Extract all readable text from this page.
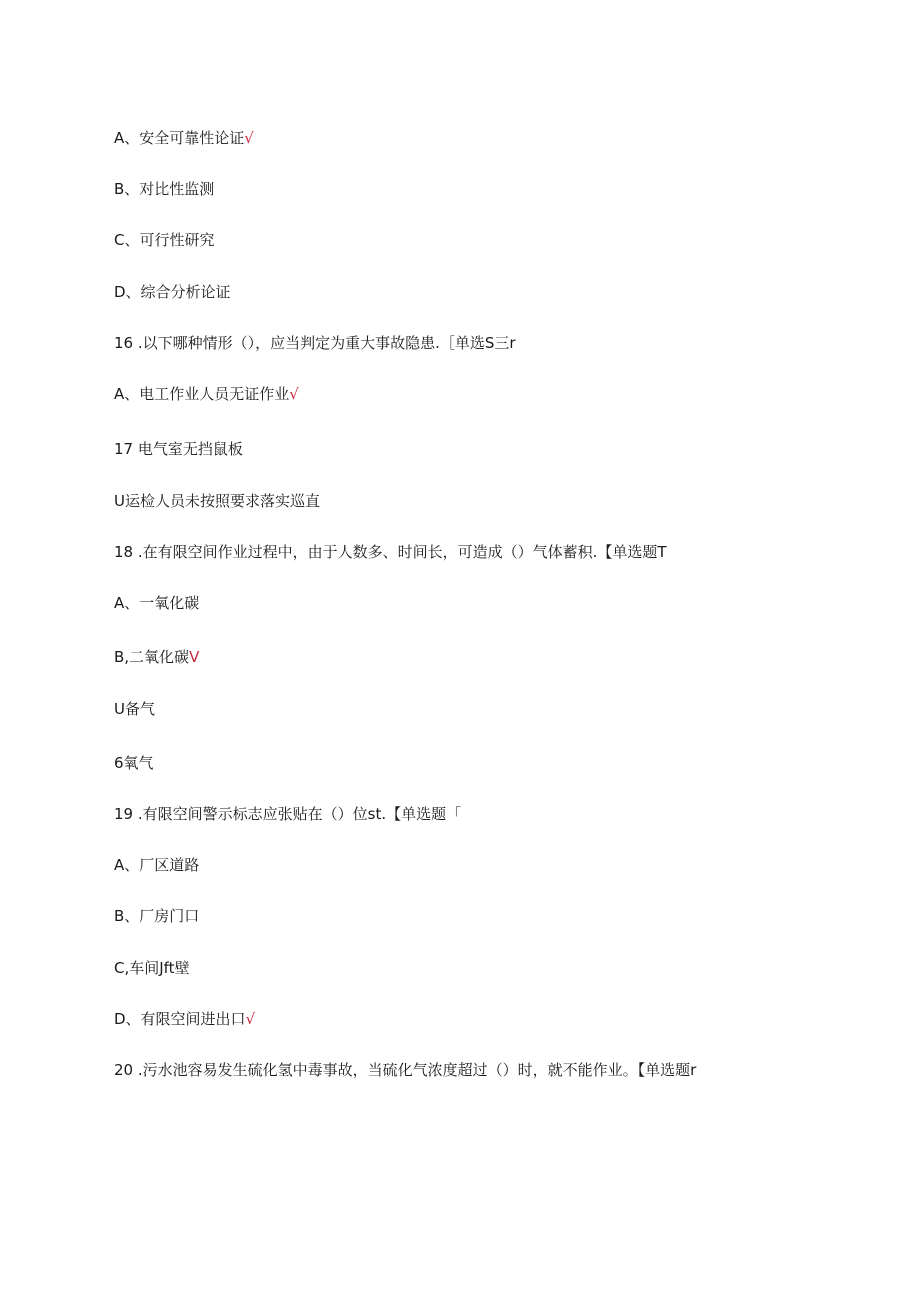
A、安全可靠性论证√
B、对比性监测
C、可行性研究
D、综合分析论证
16 .以下哪种情形（），应当判定为重大事故隐患.［单选S三r
A、电工作业人员无证作业√
17 电气室无挡鼠板
U运检人员未按照要求落实巡直
18 .在有限空间作业过程中，由于人数多、时间长，可造成（）气体蓄积.【单选题T
A、一氧化碳
B,二氧化碳V
U备气
6氧气
19 .有限空间警示标志应张贴在（）位st.【单选题「
A、厂区道路
B、厂房门口
C,车间Jft壁
D、有限空间进出口√
20 .污水池容易发生硫化氢中毒事故，当硫化气浓度超过（）时，就不能作业。【单选题r
